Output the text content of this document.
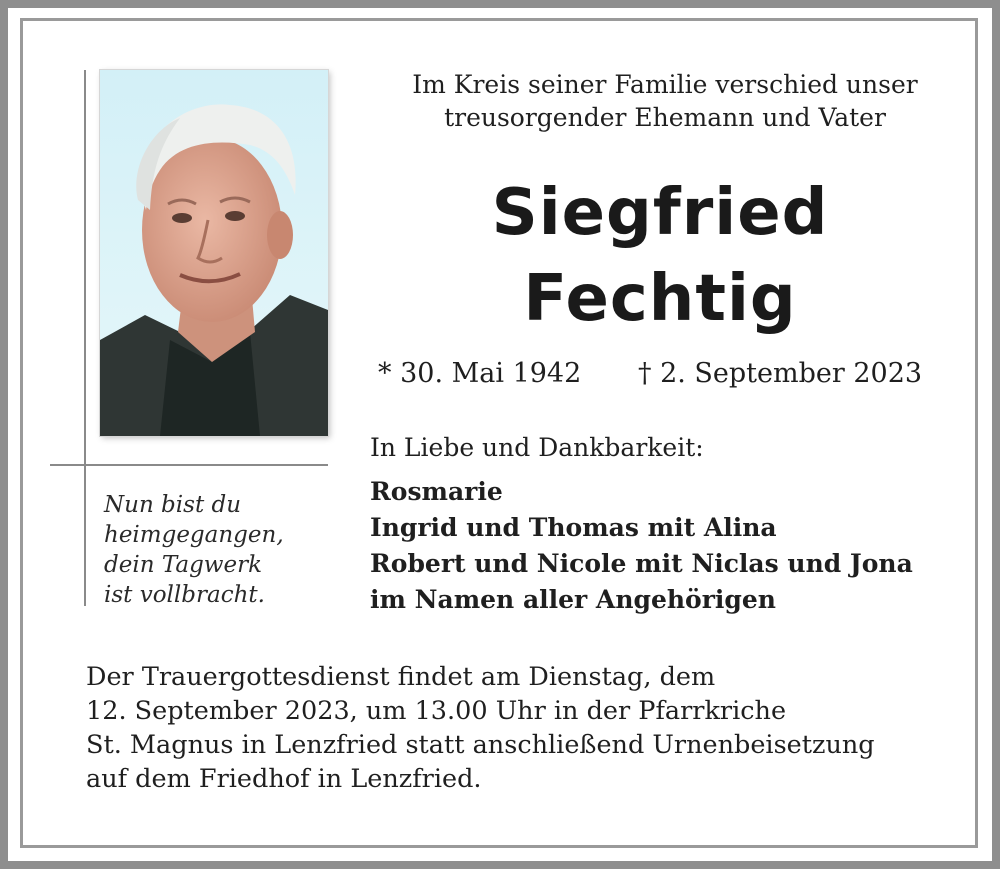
Nun bist du
heimgegangen,
dein Tagwerk
ist vollbracht.
Im Kreis seiner Familie verschied unser
treusorgender Ehemann und Vater
Siegfried
Fechtig
* 30. Mai 1942 † 2. September 2023
In Liebe und Dankbarkeit:
Rosmarie
Ingrid und Thomas mit Alina
Robert und Nicole mit Niclas und Jona
im Namen aller Angehörigen
Der Trauergottesdienst findet am Dienstag, dem
12. September 2023, um 13.00 Uhr in der Pfarrkriche
St. Magnus in Lenzfried statt anschließend Urnenbeisetzung
auf dem Friedhof in Lenzfried.
